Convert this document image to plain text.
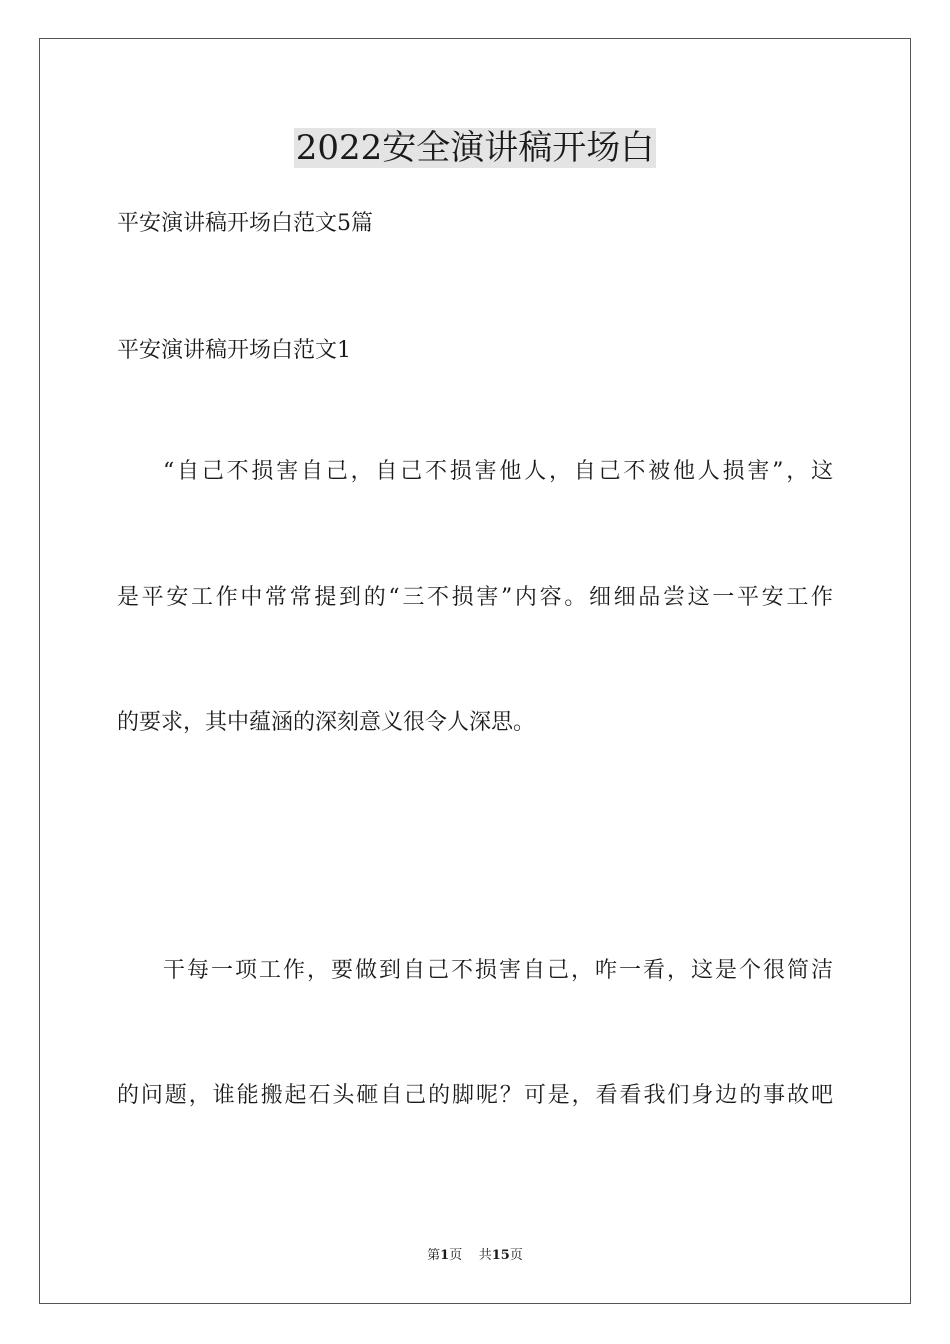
2022安全演讲稿开场白

平安演讲稿开场白范文5篇

平安演讲稿开场白范文1

“自己不损害自己，自己不损害他人，自己不被他人损害”，这

是平安工作中常常提到的“三不损害”内容。细细品尝这一平安工作

的要求，其中蕴涵的深刻意义很令人深思。

干每一项工作，要做到自己不损害自己，咋一看，这是个很简洁

的问题，谁能搬起石头砸自己的脚呢？可是，看看我们身边的事故吧

第1页 共15页
